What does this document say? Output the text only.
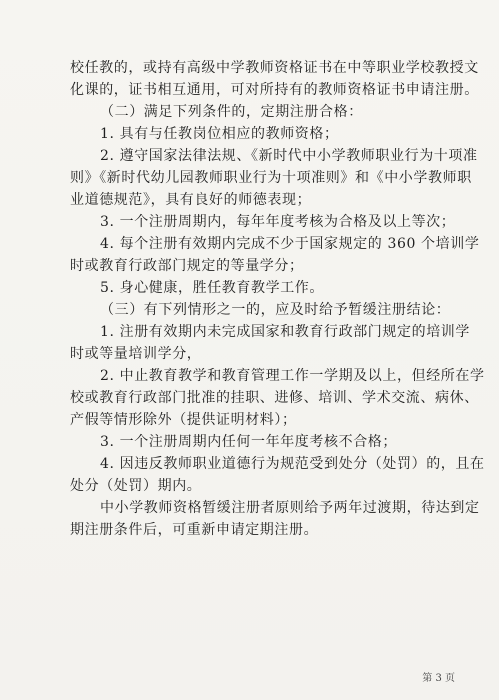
校任教的，或持有高级中学教师资格证书在中等职业学校教授文
化课的，证书相互通用，可对所持有的教师资格证书申请注册。
（二）满足下列条件的，定期注册合格：
1. 具有与任教岗位相应的教师资格；
2. 遵守国家法律法规、《新时代中小学教师职业行为十项准
则》《新时代幼儿园教师职业行为十项准则》和《中小学教师职
业道德规范》，具有良好的师德表现；
3. 一个注册周期内，每年年度考核为合格及以上等次；
4. 每个注册有效期内完成不少于国家规定的 360 个培训学
时或教育行政部门规定的等量学分；
5. 身心健康，胜任教育教学工作。
（三）有下列情形之一的，应及时给予暂缓注册结论：
1. 注册有效期内未完成国家和教育行政部门规定的培训学
时或等量培训学分，
2. 中止教育教学和教育管理工作一学期及以上，但经所在学
校或教育行政部门批准的挂职、进修、培训、学术交流、病休、
产假等情形除外（提供证明材料）；
3. 一个注册周期内任何一年年度考核不合格；
4. 因违反教师职业道德行为规范受到处分（处罚）的，且在
处分（处罚）期内。
中小学教师资格暂缓注册者原则给予两年过渡期，待达到定
期注册条件后，可重新申请定期注册。
第 3 页
